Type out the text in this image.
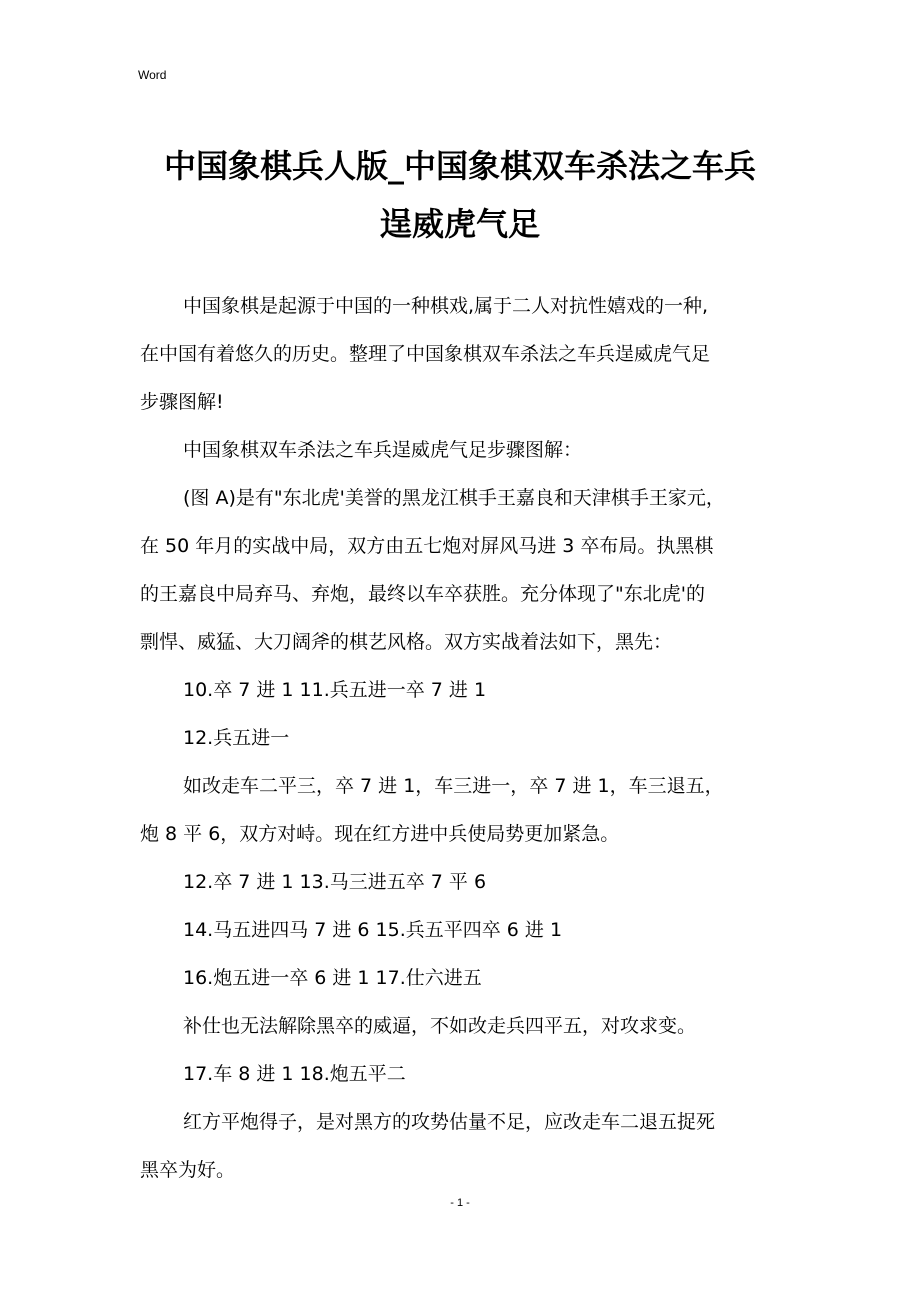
Word
中国象棋兵人版_中国象棋双车杀法之车兵
逞威虎气足
中国象棋是起源于中国的一种棋戏,属于二人对抗性嬉戏的一种,
在中国有着悠久的历史。整理了中国象棋双车杀法之车兵逞威虎气足
步骤图解!
中国象棋双车杀法之车兵逞威虎气足步骤图解：
(图 A)是有"东北虎'美誉的黑龙江棋手王嘉良和天津棋手王家元，
在 50 年月的实战中局，双方由五七炮对屏风马进 3 卒布局。执黑棋
的王嘉良中局弃马、弃炮，最终以车卒获胜。充分体现了"东北虎'的
剽悍、威猛、大刀阔斧的棋艺风格。双方实战着法如下，黑先：
10.卒 7 进 1 11.兵五进一卒 7 进 1
12.兵五进一
如改走车二平三，卒 7 进 1，车三进一，卒 7 进 1，车三退五，
炮 8 平 6，双方对峙。现在红方进中兵使局势更加紧急。
12.卒 7 进 1 13.马三进五卒 7 平 6
14.马五进四马 7 进 6 15.兵五平四卒 6 进 1
16.炮五进一卒 6 进 1 17.仕六进五
补仕也无法解除黑卒的威逼，不如改走兵四平五，对攻求变。
17.车 8 进 1 18.炮五平二
红方平炮得子，是对黑方的攻势估量不足，应改走车二退五捉死
黑卒为好。
- 1 -
